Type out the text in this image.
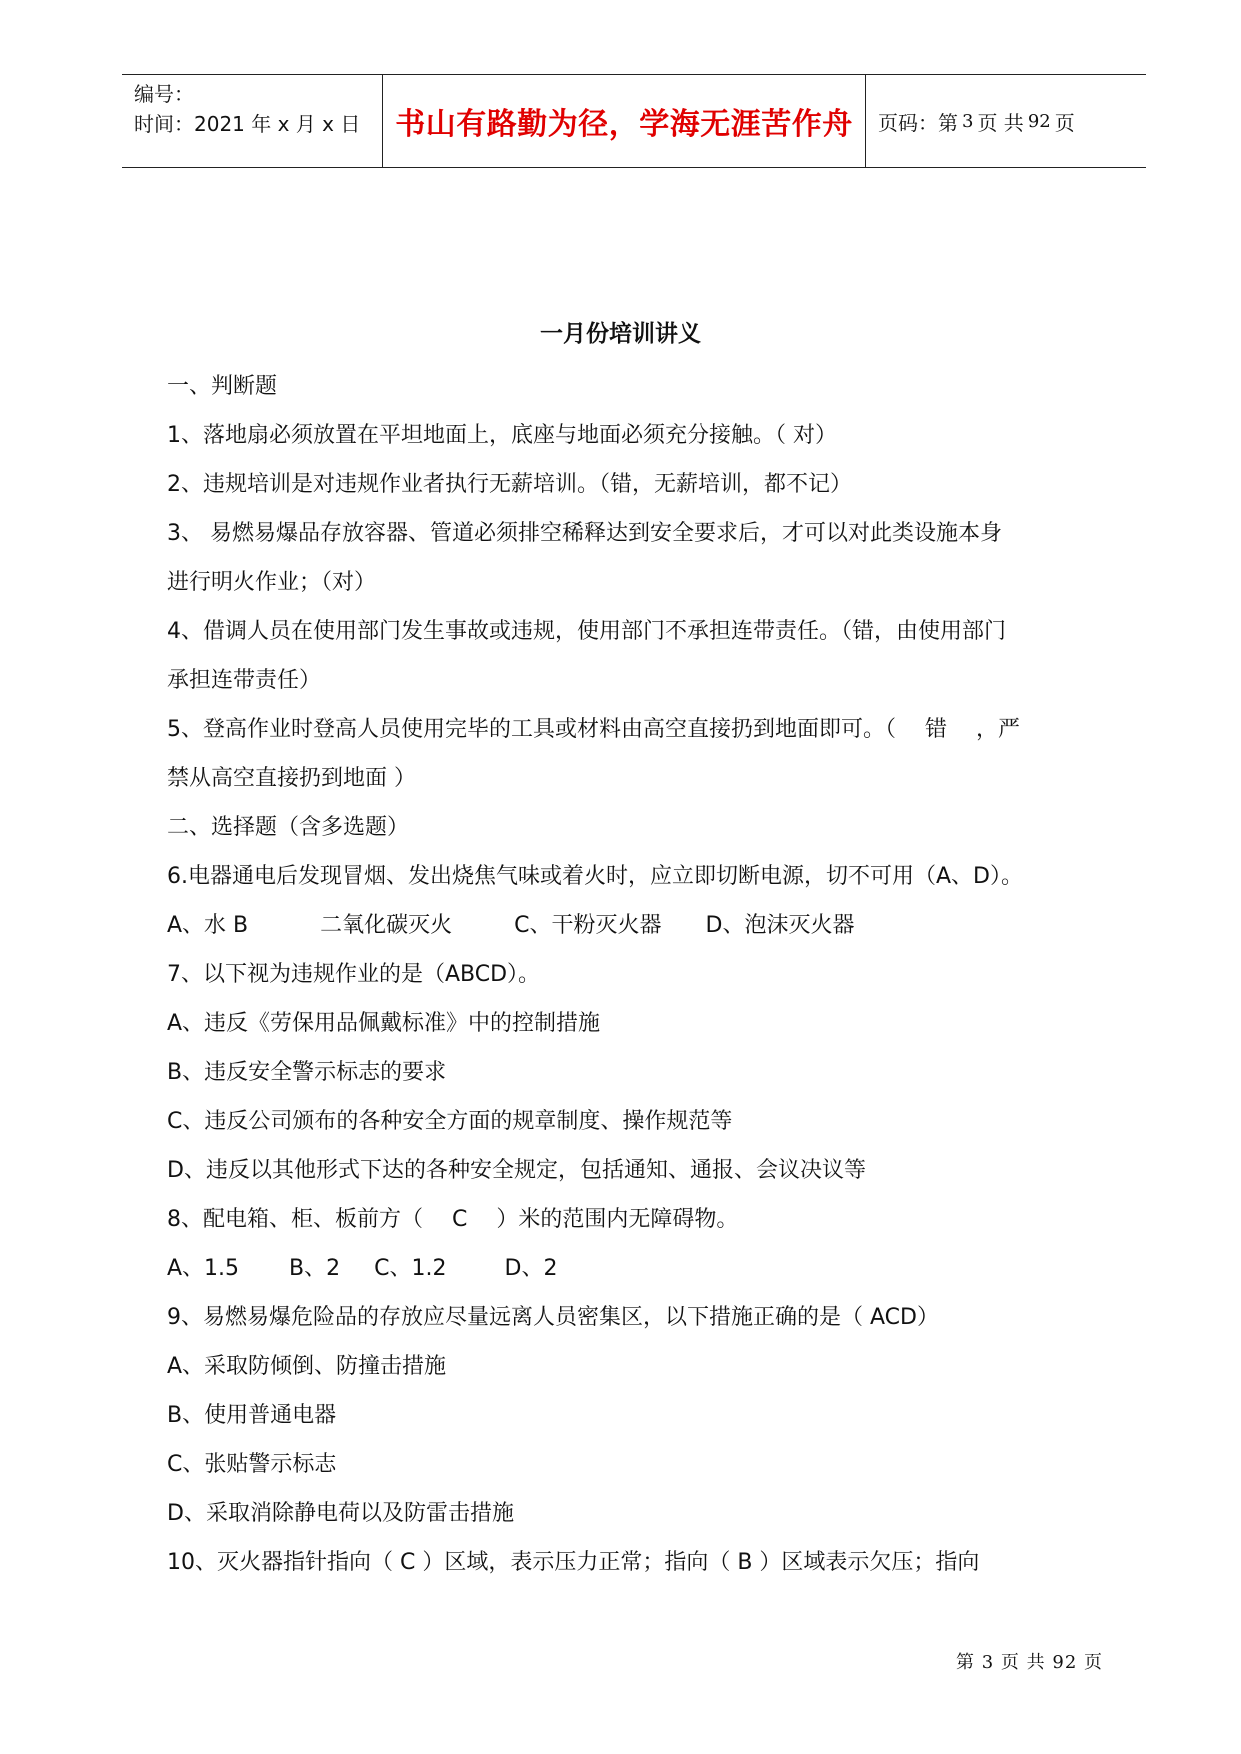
编号：
时间：2021 年 x 月 x 日	书山有路勤为径，学海无涯苦作舟	页码：第 3 页 共 92 页
一月份培训讲义
一、判断题
1、落地扇必须放置在平坦地面上，底座与地面必须充分接触。（ 对）
2、违规培训是对违规作业者执行无薪培训。（错，无薪培训，都不记）
3、 易燃易爆品存放容器、管道必须排空稀释达到安全要求后，才可以对此类设施本身
进行明火作业；（对）
4、借调人员在使用部门发生事故或违规，使用部门不承担连带责任。（错，由使用部门
承担连带责任）
5、登高作业时登高人员使用完毕的工具或材料由高空直接扔到地面即可。（　 错　 ，严
禁从高空直接扔到地面 ）
二、选择题（含多选题）
6.电器通电后发现冒烟、发出烧焦气味或着火时，应立即切断电源，切不可用（A、D）。
A、水 B	二氧化碳灭火	C、干粉灭火器 D、泡沫灭火器
7、以下视为违规作业的是（ABCD）。
A、违反《劳保用品佩戴标准》中的控制措施
B、违反安全警示标志的要求
C、违反公司颁布的各种安全方面的规章制度、操作规范等
D、违反以其他形式下达的各种安全规定，包括通知、通报、会议决议等
8、配电箱、柜、板前方（　 C　 ）米的范围内无障碍物。
A、1.5 B、2 C、1.2	D、2
9、易燃易爆危险品的存放应尽量远离人员密集区，以下措施正确的是（ ACD）
A、采取防倾倒、防撞击措施
B、使用普通电器
C、张贴警示标志
D、采取消除静电荷以及防雷击措施
10、灭火器指针指向（ C ）区域，表示压力正常；指向（ B ）区域表示欠压；指向
第 3 页 共 92 页
